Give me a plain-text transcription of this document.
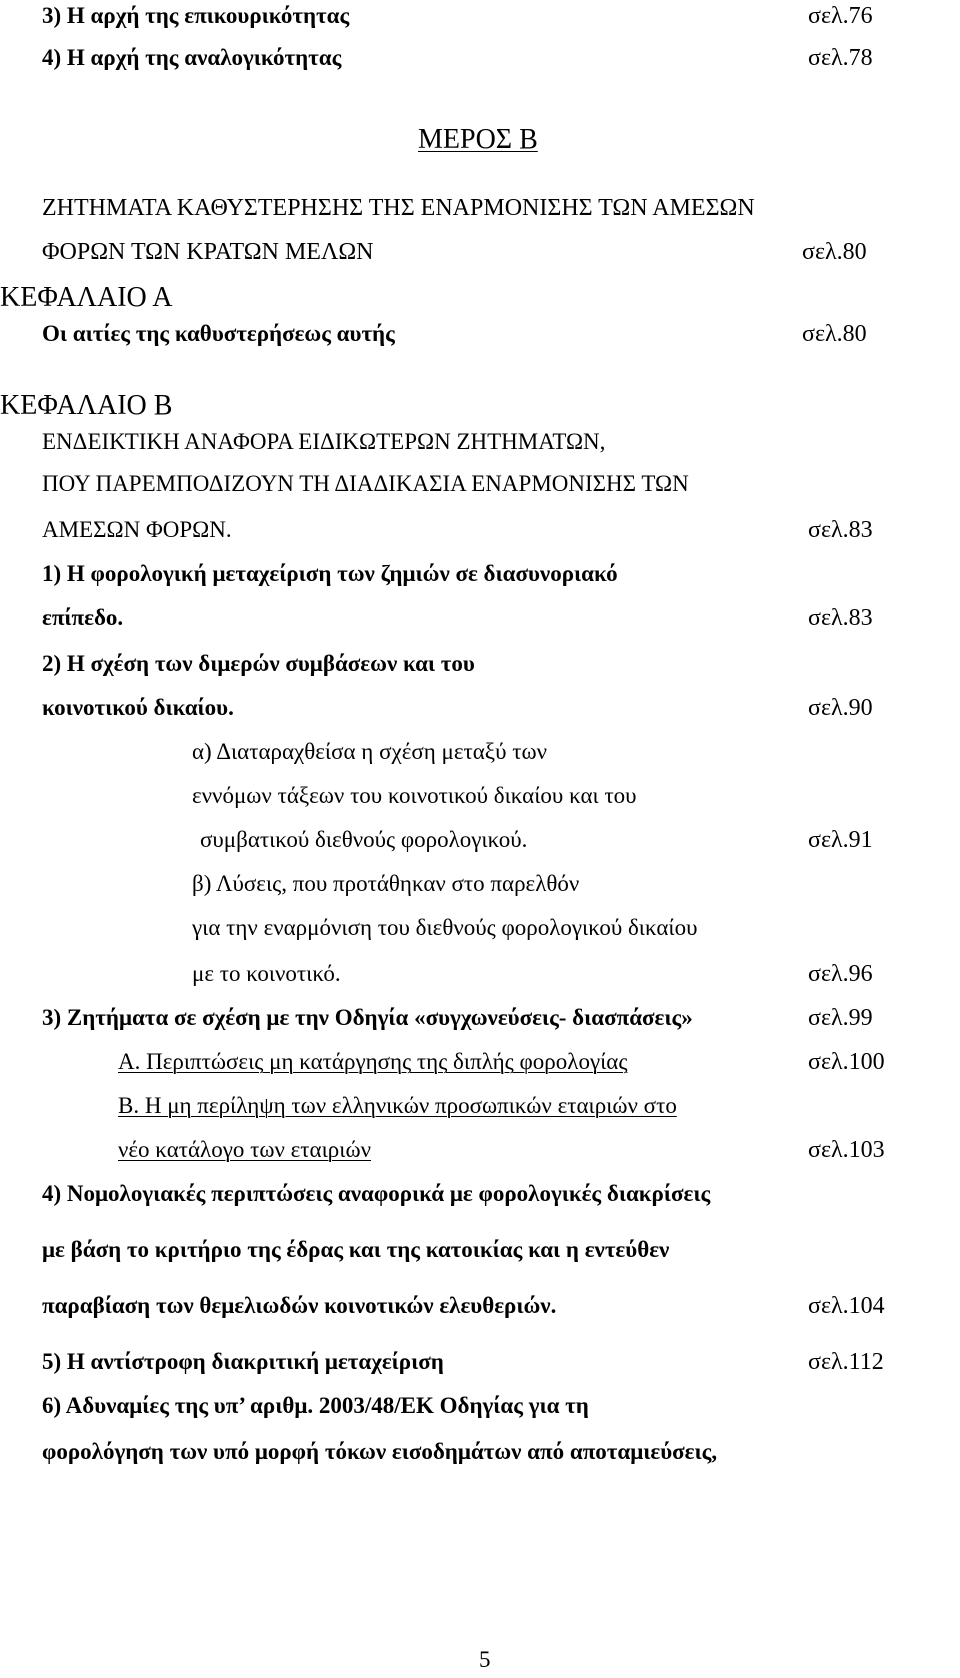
3) Η αρχή της επικουρικότητας	σελ.76
4) Η αρχή της αναλογικότητας	σελ.78
ΜΕΡΟΣ Β
ΖΗΤΗΜΑΤΑ ΚΑΘΥΣΤΕΡΗΣΗΣ ΤΗΣ ΕΝΑΡΜΟΝΙΣΗΣ ΤΩΝ ΑΜΕΣΩΝ
ΦΟΡΩΝ ΤΩΝ ΚΡΑΤΩΝ ΜΕΛΩΝ	σελ.80
ΚΕΦΑΛΑΙΟ Α
Οι αιτίες της καθυστερήσεως αυτής	σελ.80
ΚΕΦΑΛΑΙΟ Β
ΕΝΔΕΙΚΤΙΚΗ ΑΝΑΦΟΡΑ ΕΙΔΙΚΩΤΕΡΩΝ ΖΗΤΗΜΑΤΩΝ,
ΠΟΥ ΠΑΡΕΜΠΟΔΙΖΟΥΝ ΤΗ ΔΙΑΔΙΚΑΣΙΑ ΕΝΑΡΜΟΝΙΣΗΣ ΤΩΝ
ΑΜΕΣΩΝ ΦΟΡΩΝ.	σελ.83
1) Η φορολογική μεταχείριση των ζημιών σε διασυνοριακό
επίπεδο.	σελ.83
2) Η σχέση των διμερών συμβάσεων και του
κοινοτικού δικαίου.	σελ.90
α) Διαταραχθείσα η σχέση μεταξύ των
εννόμων τάξεων του κοινοτικού δικαίου και του
συμβατικού διεθνούς φορολογικού.	σελ.91
β) Λύσεις, που προτάθηκαν στο παρελθόν
για την εναρμόνιση του διεθνούς φορολογικού δικαίου
με το κοινοτικό.	σελ.96
3) Ζητήματα σε σχέση με την Οδηγία «συγχωνεύσεις- διασπάσεις»	σελ.99
Α. Περιπτώσεις μη κατάργησης της διπλής φορολογίας	σελ.100
Β. Η μη περίληψη των ελληνικών προσωπικών εταιριών στο
νέο κατάλογο των εταιριών	σελ.103
4) Νομολογιακές περιπτώσεις αναφορικά με φορολογικές διακρίσεις
με βάση το κριτήριο της έδρας και της κατοικίας και η εντεύθεν
παραβίαση των θεμελιωδών κοινοτικών ελευθεριών.	σελ.104
5) Η αντίστροφη διακριτική μεταχείριση	σελ.112
6) Αδυναμίες της υπ’ αριθμ. 2003/48/ΕΚ Οδηγίας για τη
φορολόγηση των υπό μορφή τόκων εισοδημάτων από αποταμιεύσεις,
5
